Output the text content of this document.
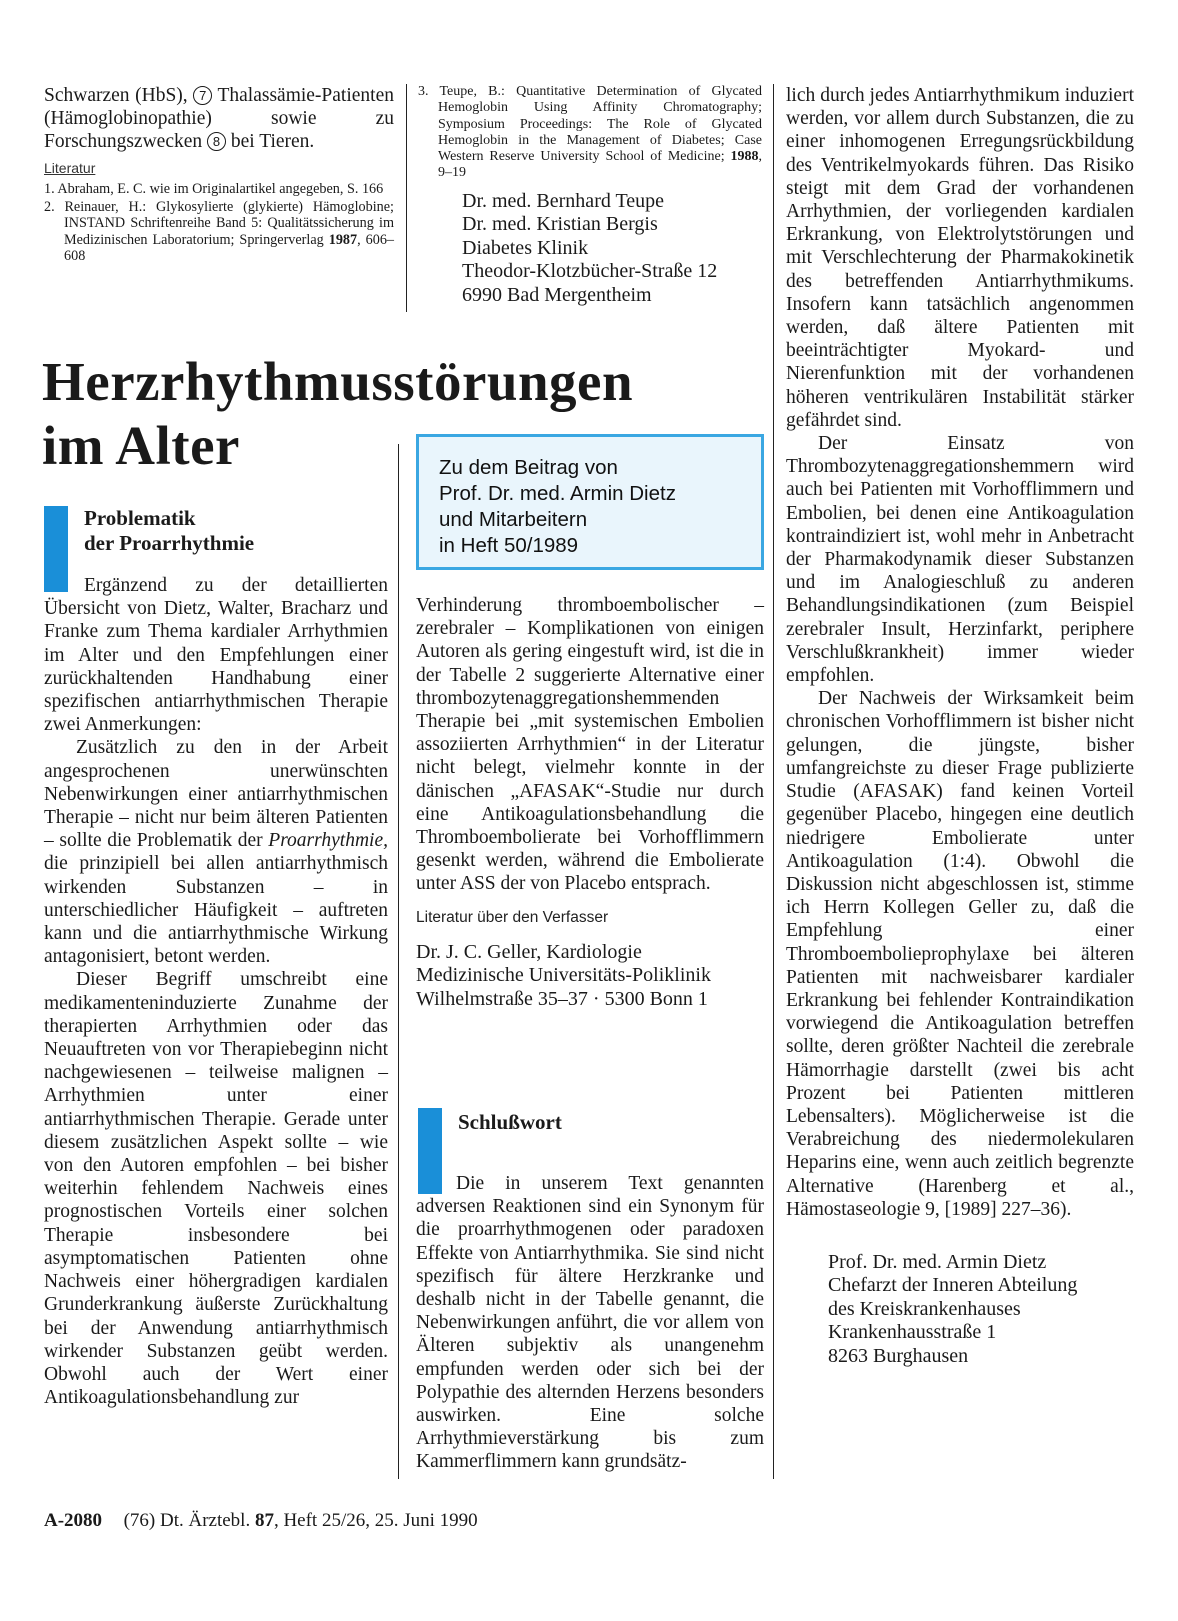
Schwarzen (HbS), 7 Thalassämie-Patienten (Hämoglobinopathie) sowie zu Forschungszwecken 8 bei Tieren.

Literatur

1. Abraham, E. C. wie im Originalartikel angegeben, S. 166

2. Reinauer, H.: Glykosylierte (glykierte) Hämoglobine; INSTAND Schriftenreihe Band 5: Qualitätssicherung im Medizinischen Laboratorium; Springerverlag 1987, 606–608

3. Teupe, B.: Quantitative Determination of Glycated Hemoglobin Using Affinity Chromatography; Symposium Proceedings: The Role of Glycated Hemoglobin in the Management of Diabetes; Case Western Reserve University School of Medicine; 1988, 9–19

Dr. med. Bernhard Teupe

Dr. med. Kristian Bergis

Diabetes Klinik

Theodor-Klotzbücher-Straße 12

6990 Bad Mergentheim

Herzrhythmusstörungen
im Alter	Zu dem Beitrag von
Prof. Dr. med. Armin Dietz
und Mitarbeitern
in Heft 50/1989
Problematik
der Proarrhythmie

Ergänzend zu der detaillierten Übersicht von Dietz, Walter, Bracharz und Franke zum Thema kardialer Arrhythmien im Alter und den Empfehlungen einer zurückhaltenden Handhabung einer spezifischen antiarrhythmischen Therapie zwei Anmerkungen:

Zusätzlich zu den in der Arbeit angesprochenen unerwünschten Nebenwirkungen einer antiarrhythmischen Therapie – nicht nur beim älteren Patienten – sollte die Problematik der Proarrhythmie, die prinzipiell bei allen antiarrhythmisch wirkenden Substanzen – in unterschiedlicher Häufigkeit – auftreten kann und die antiarrhythmische Wirkung antagonisiert, betont werden.

Dieser Begriff umschreibt eine medikamenteninduzierte Zunahme der therapierten Arrhythmien oder das Neuauftreten von vor Therapiebeginn nicht nachgewiesenen – teilweise malignen – Arrhythmien unter einer antiarrhythmischen Therapie. Gerade unter diesem zusätzlichen Aspekt sollte – wie von den Autoren empfohlen – bei bisher weiterhin fehlendem Nachweis eines prognostischen Vorteils einer solchen Therapie insbesondere bei asymptomatischen Patienten ohne Nachweis einer höhergradigen kardialen Grunderkrankung äußerste Zurückhaltung bei der Anwendung antiarrhythmisch wirkender Substanzen geübt werden. Obwohl auch der Wert einer Antikoagulationsbehandlung zur

Verhinderung thromboembolischer – zerebraler – Komplikationen von einigen Autoren als gering eingestuft wird, ist die in der Tabelle 2 suggerierte Alternative einer thrombozytenaggregationshemmenden Therapie bei „mit systemischen Embolien assoziierten Arrhythmien“ in der Literatur nicht belegt, vielmehr konnte in der dänischen „AFASAK“-Studie nur durch eine Antikoagulationsbehandlung die Thromboembolierate bei Vorhofflimmern gesenkt werden, während die Embolierate unter ASS der von Placebo entsprach.

Literatur über den Verfasser

Dr. J. C. Geller, Kardiologie

Medizinische Universitäts-Poliklinik

Wilhelmstraße 35–37 · 5300 Bonn 1

Schlußwort

Die in unserem Text genannten adversen Reaktionen sind ein Synonym für die proarrhythmogenen oder paradoxen Effekte von Antiarrhythmika. Sie sind nicht spezifisch für ältere Herzkranke und deshalb nicht in der Tabelle genannt, die Nebenwirkungen anführt, die vor allem von Älteren subjektiv als unangenehm empfunden werden oder sich bei der Polypathie des alternden Herzens besonders auswirken. Eine solche Arrhythmieverstärkung bis zum Kammerflimmern kann grundsätz-

lich durch jedes Antiarrhythmikum induziert werden, vor allem durch Substanzen, die zu einer inhomogenen Erregungsrückbildung des Ventrikelmyokards führen. Das Risiko steigt mit dem Grad der vorhandenen Arrhythmien, der vorliegenden kardialen Erkrankung, von Elektrolytstörungen und mit Verschlechterung der Pharmakokinetik des betreffenden Antiarrhythmikums. Insofern kann tatsächlich angenommen werden, daß ältere Patienten mit beeinträchtigter Myokard- und Nierenfunktion mit der vorhandenen höheren ventrikulären Instabilität stärker gefährdet sind.

Der Einsatz von Thrombozytenaggregationshemmern wird auch bei Patienten mit Vorhofflimmern und Embolien, bei denen eine Antikoagulation kontraindiziert ist, wohl mehr in Anbetracht der Pharmakodynamik dieser Substanzen und im Analogieschluß zu anderen Behandlungsindikationen (zum Beispiel zerebraler Insult, Herzinfarkt, periphere Verschlußkrankheit) immer wieder empfohlen.

Der Nachweis der Wirksamkeit beim chronischen Vorhofflimmern ist bisher nicht gelungen, die jüngste, bisher umfangreichste zu dieser Frage publizierte Studie (AFASAK) fand keinen Vorteil gegenüber Placebo, hingegen eine deutlich niedrigere Embolierate unter Antikoagulation (1:4). Obwohl die Diskussion nicht abgeschlossen ist, stimme ich Herrn Kollegen Geller zu, daß die Empfehlung einer Thromboembolieprophylaxe bei älteren Patienten mit nachweisbarer kardialer Erkrankung bei fehlender Kontraindikation vorwiegend die Antikoagulation betreffen sollte, deren größter Nachteil die zerebrale Hämorrhagie darstellt (zwei bis acht Prozent bei Patienten mittleren Lebensalters). Möglicherweise ist die Verabreichung des niedermolekularen Heparins eine, wenn auch zeitlich begrenzte Alternative (Harenberg et al., Hämostaseologie 9, [1989] 227–36).

Prof. Dr. med. Armin Dietz

Chefarzt der Inneren Abteilung

des Kreiskrankenhauses

Krankenhausstraße 1

8263 Burghausen

A-2080 (76) Dt. Ärztebl. 87, Heft 25/26, 25. Juni 1990
